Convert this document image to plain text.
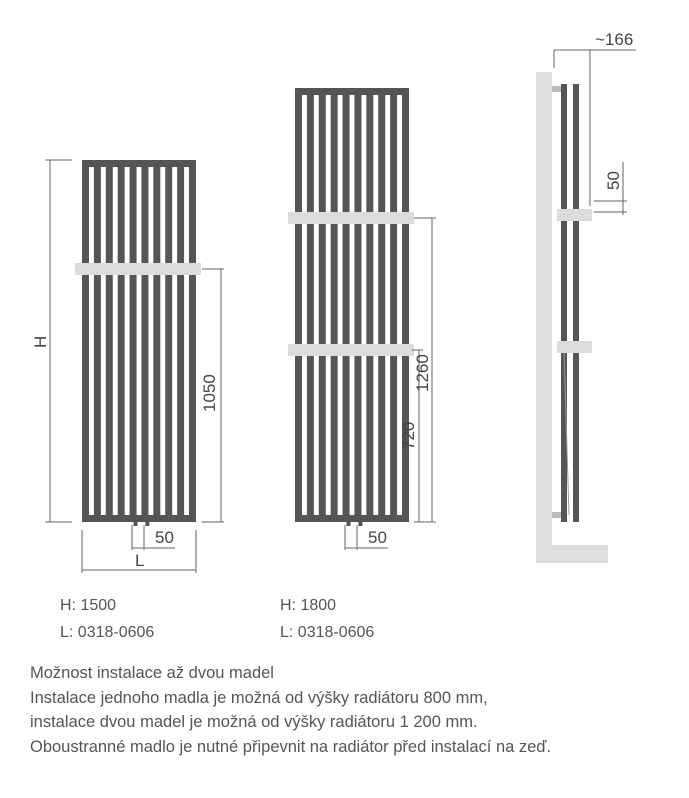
~166
50
H
1050
50
L
1260
720
50
H: 1500
L: 0318-0606
H: 1800
L: 0318-0606
Možnost instalace až dvou madel
Instalace jednoho madla je možná od výšky radiátoru 800 mm,
instalace dvou madel je možná od výšky radiátoru 1 200 mm.
Oboustranné madlo je nutné připevnit na radiátor před instalací na zeď.
